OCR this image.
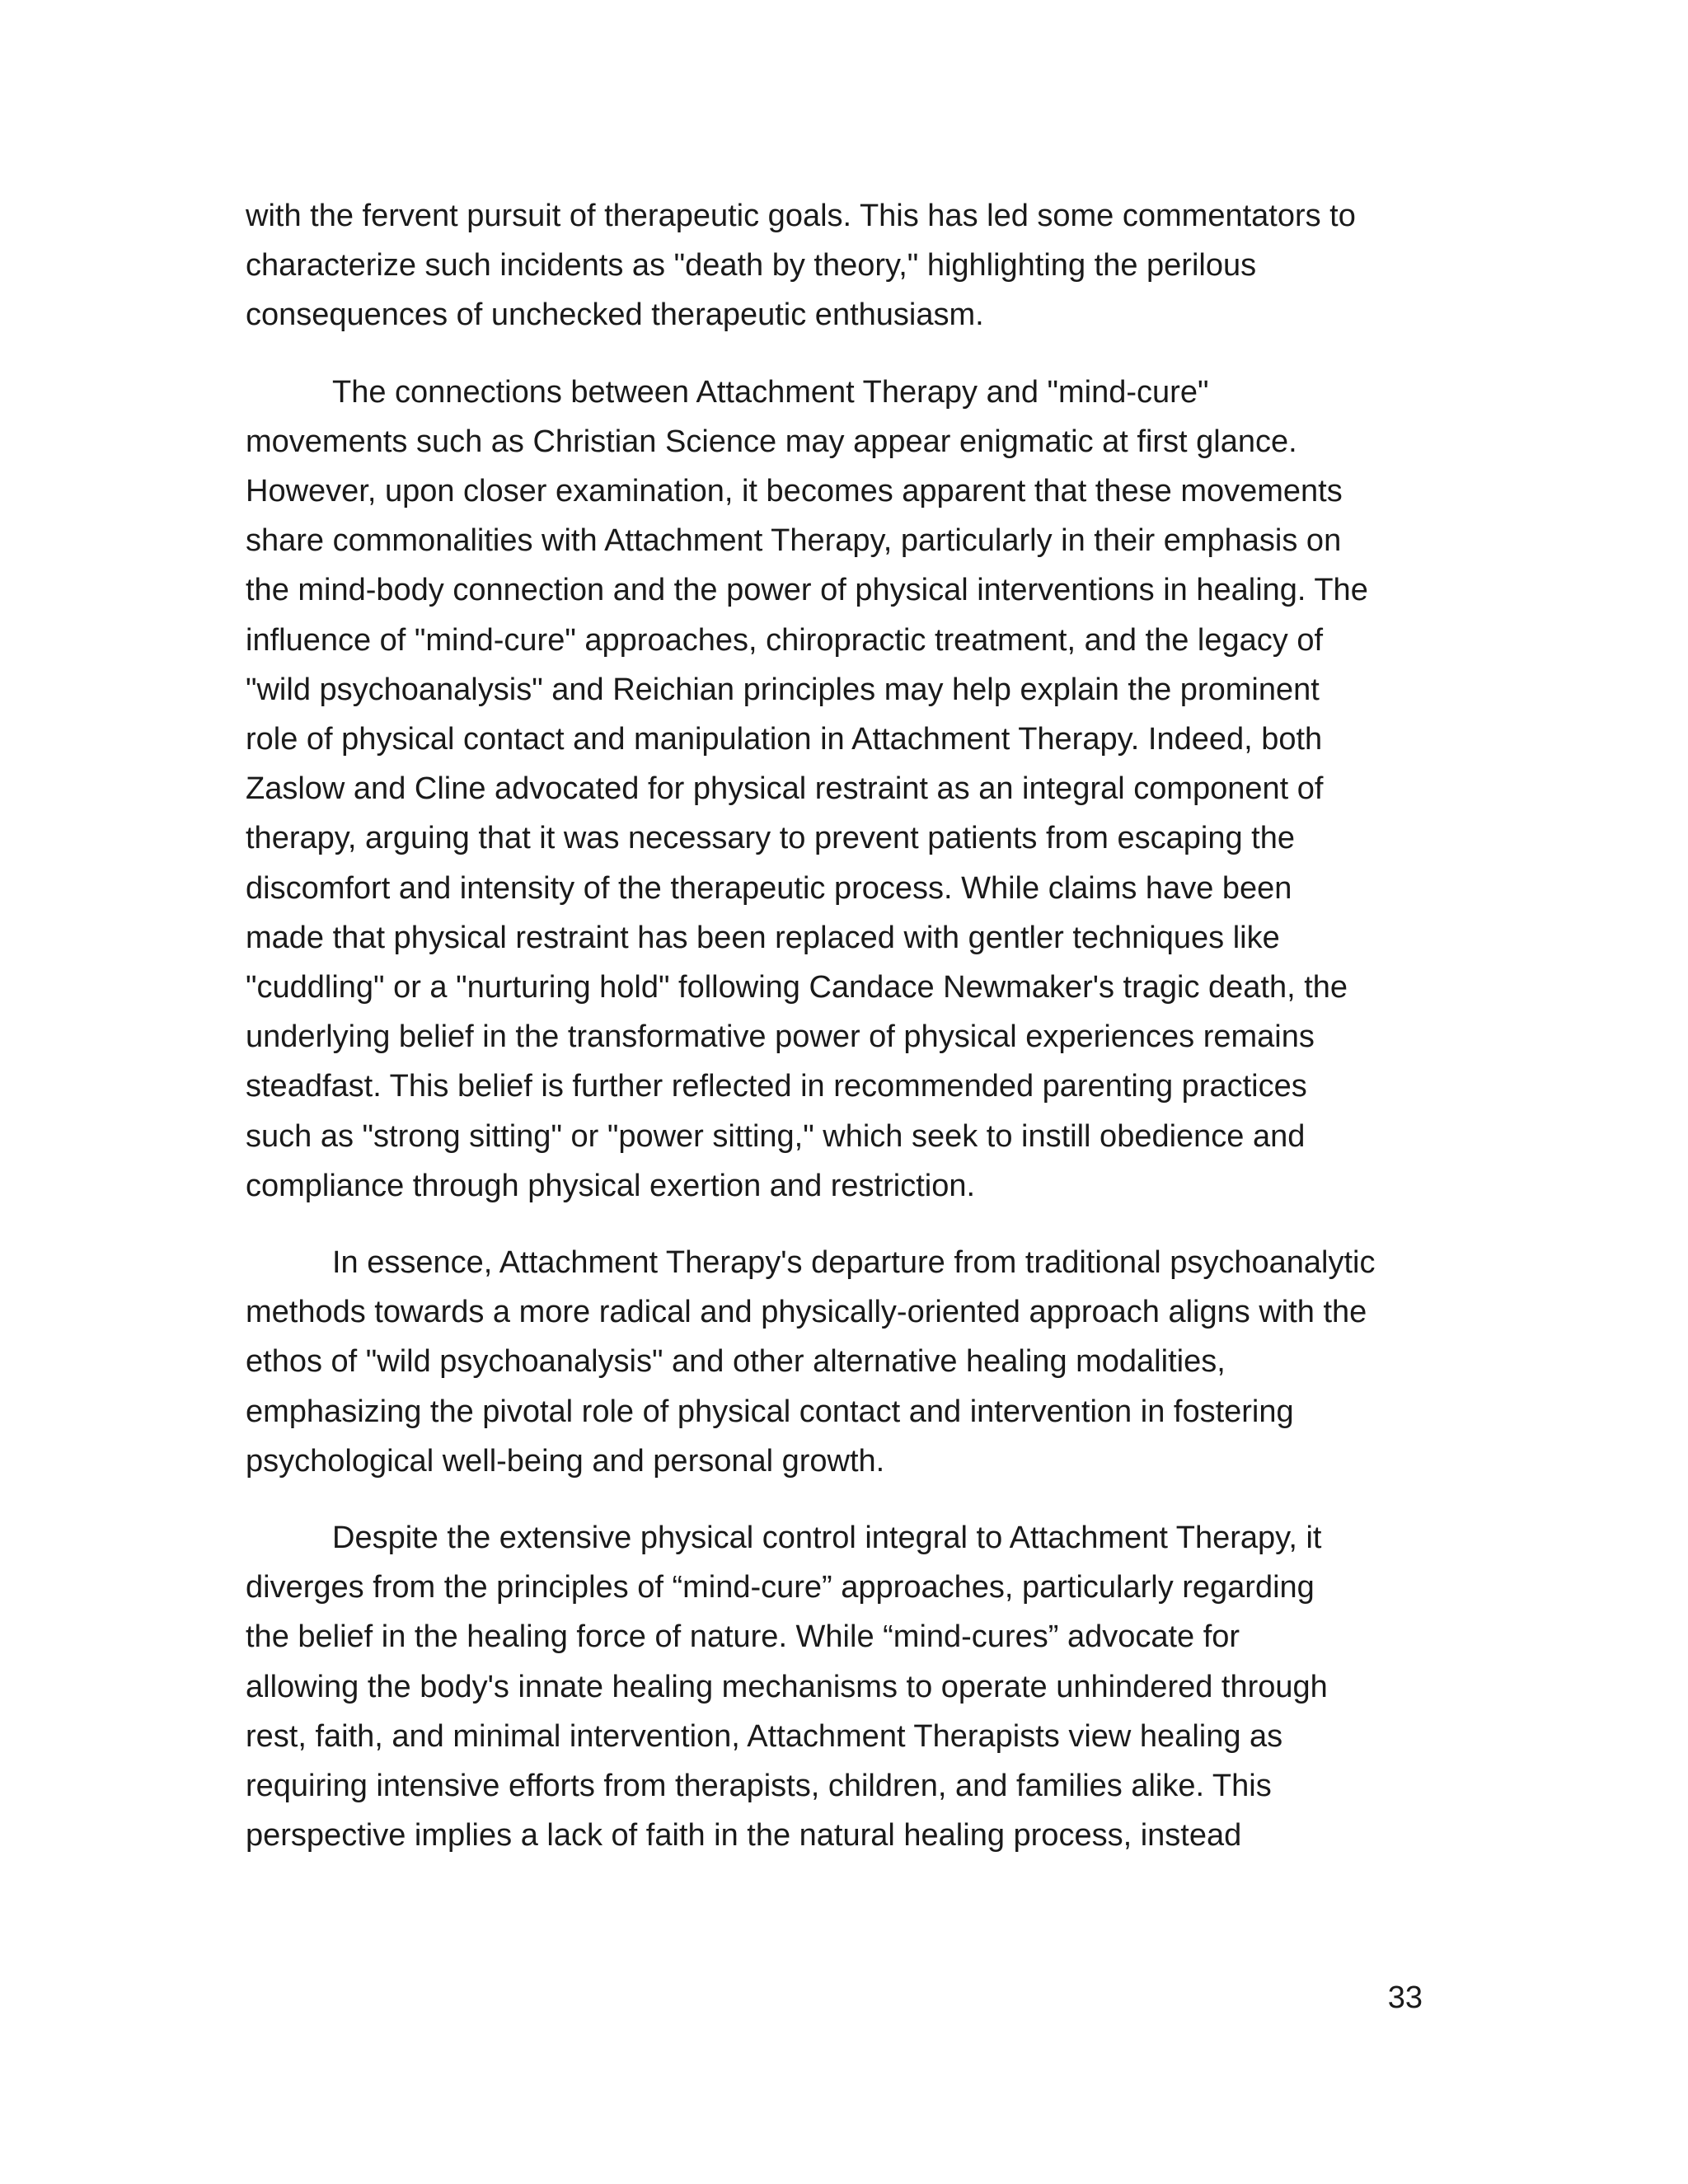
with the fervent pursuit of therapeutic goals. This has led some commentators to
characterize such incidents as "death by theory," highlighting the perilous
consequences of unchecked therapeutic enthusiasm.

The connections between Attachment Therapy and "mind-cure"
movements such as Christian Science may appear enigmatic at first glance.
However, upon closer examination, it becomes apparent that these movements
share commonalities with Attachment Therapy, particularly in their emphasis on
the mind-body connection and the power of physical interventions in healing. The
influence of "mind-cure" approaches, chiropractic treatment, and the legacy of
"wild psychoanalysis" and Reichian principles may help explain the prominent
role of physical contact and manipulation in Attachment Therapy. Indeed, both
Zaslow and Cline advocated for physical restraint as an integral component of
therapy, arguing that it was necessary to prevent patients from escaping the
discomfort and intensity of the therapeutic process. While claims have been
made that physical restraint has been replaced with gentler techniques like
"cuddling" or a "nurturing hold" following Candace Newmaker's tragic death, the
underlying belief in the transformative power of physical experiences remains
steadfast. This belief is further reflected in recommended parenting practices
such as "strong sitting" or "power sitting," which seek to instill obedience and
compliance through physical exertion and restriction.

In essence, Attachment Therapy's departure from traditional psychoanalytic
methods towards a more radical and physically-oriented approach aligns with the
ethos of "wild psychoanalysis" and other alternative healing modalities,
emphasizing the pivotal role of physical contact and intervention in fostering
psychological well-being and personal growth.

Despite the extensive physical control integral to Attachment Therapy, it
diverges from the principles of “mind-cure” approaches, particularly regarding
the belief in the healing force of nature. While “mind-cures” advocate for
allowing the body's innate healing mechanisms to operate unhindered through
rest, faith, and minimal intervention, Attachment Therapists view healing as
requiring intensive efforts from therapists, children, and families alike. This
perspective implies a lack of faith in the natural healing process, instead

33
